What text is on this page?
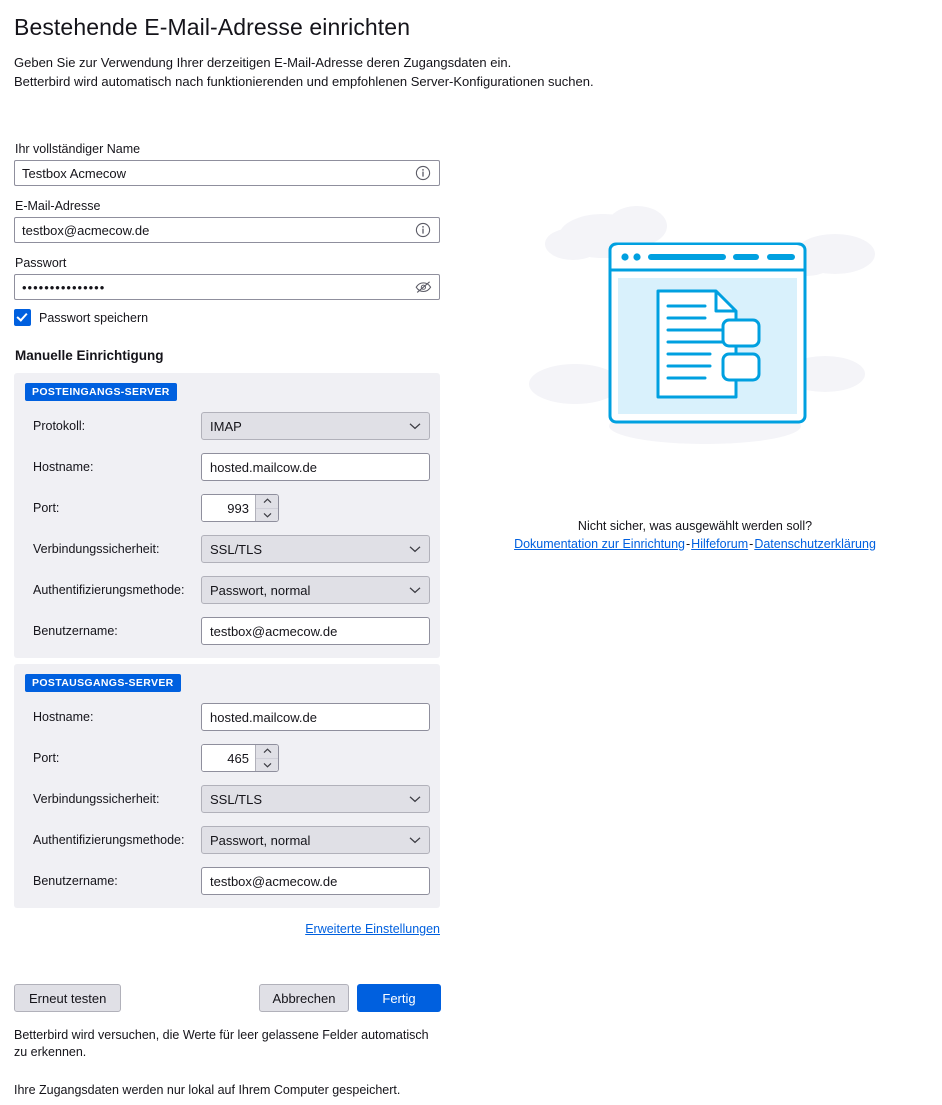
Bestehende E-Mail-Adresse einrichten
Geben Sie zur Verwendung Ihrer derzeitigen E-Mail-Adresse deren Zugangsdaten ein.
Betterbird wird automatisch nach funktionierenden und empfohlenen Server-Konfigurationen suchen.
Ihr vollständiger Name
Testbox Acmecow
E-Mail-Adresse
testbox@acmecow.de
Passwort
•••••••••••••••
Passwort speichern
Manuelle Einrichtigung
POSTEINGANGS-SERVER
Protokoll:	IMAP
Hostname:
hosted.mailcow.de
Port:
993
Verbindungssicherheit:	SSL/TLS
Authentifizierungsmethode:	Passwort, normal
Benutzername:
testbox@acmecow.de
POSTAUSGANGS-SERVER
Hostname:
hosted.mailcow.de
Port:
465
Verbindungssicherheit:	SSL/TLS
Authentifizierungsmethode:	Passwort, normal
Benutzername:
testbox@acmecow.de
Erweiterte Einstellungen
Erneut testen	Abbrechen	Fertig
Betterbird wird versuchen, die Werte für leer gelassene Felder automatisch zu erkennen.
Ihre Zugangsdaten werden nur lokal auf Ihrem Computer gespeichert.
Nicht sicher, was ausgewählt werden soll?
Dokumentation zur Einrichtung-Hilfeforum-Datenschutzerklärung
